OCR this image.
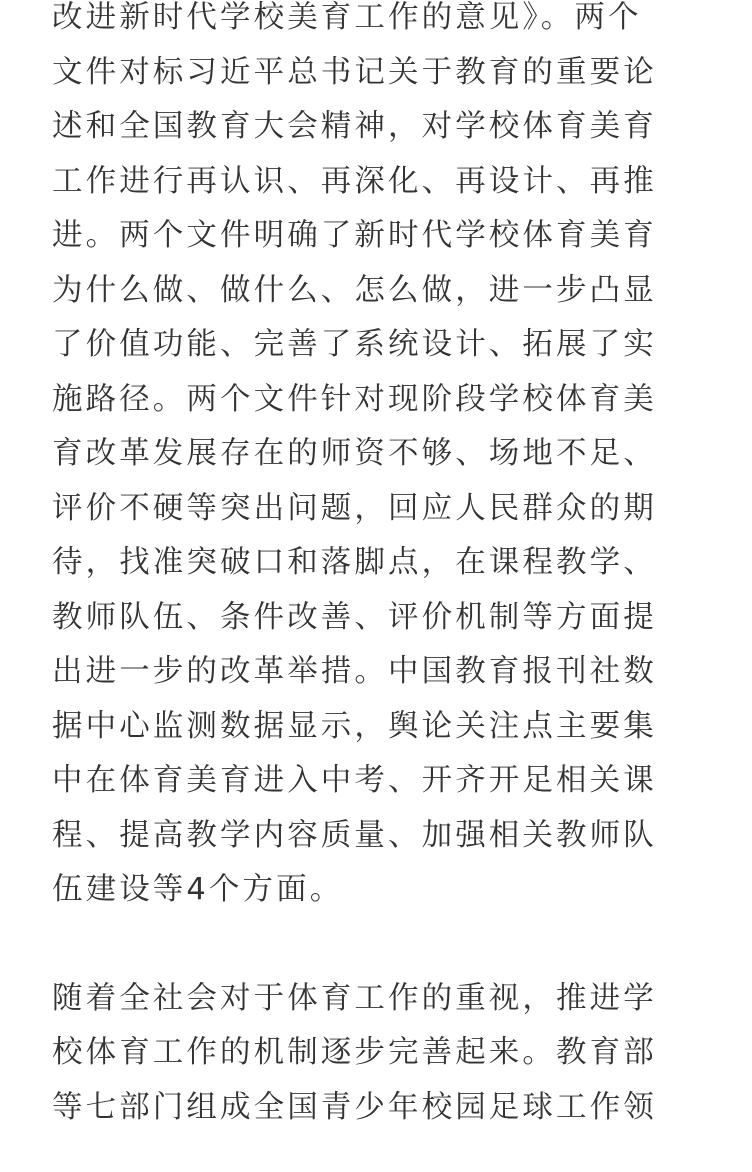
改进新时代学校美育工作的意见》。两个
文件对标习近平总书记关于教育的重要论
述和全国教育大会精神，对学校体育美育
工作进行再认识、再深化、再设计、再推
进。两个文件明确了新时代学校体育美育
为什么做、做什么、怎么做，进一步凸显
了价值功能、完善了系统设计、拓展了实
施路径。两个文件针对现阶段学校体育美
育改革发展存在的师资不够、场地不足、
评价不硬等突出问题，回应人民群众的期
待，找准突破口和落脚点，在课程教学、
教师队伍、条件改善、评价机制等方面提
出进一步的改革举措。中国教育报刊社数
据中心监测数据显示，舆论关注点主要集
中在体育美育进入中考、开齐开足相关课
程、提高教学内容质量、加强相关教师队
伍建设等4个方面。
随着全社会对于体育工作的重视，推进学
校体育工作的机制逐步完善起来。教育部
等七部门组成全国青少年校园足球工作领
